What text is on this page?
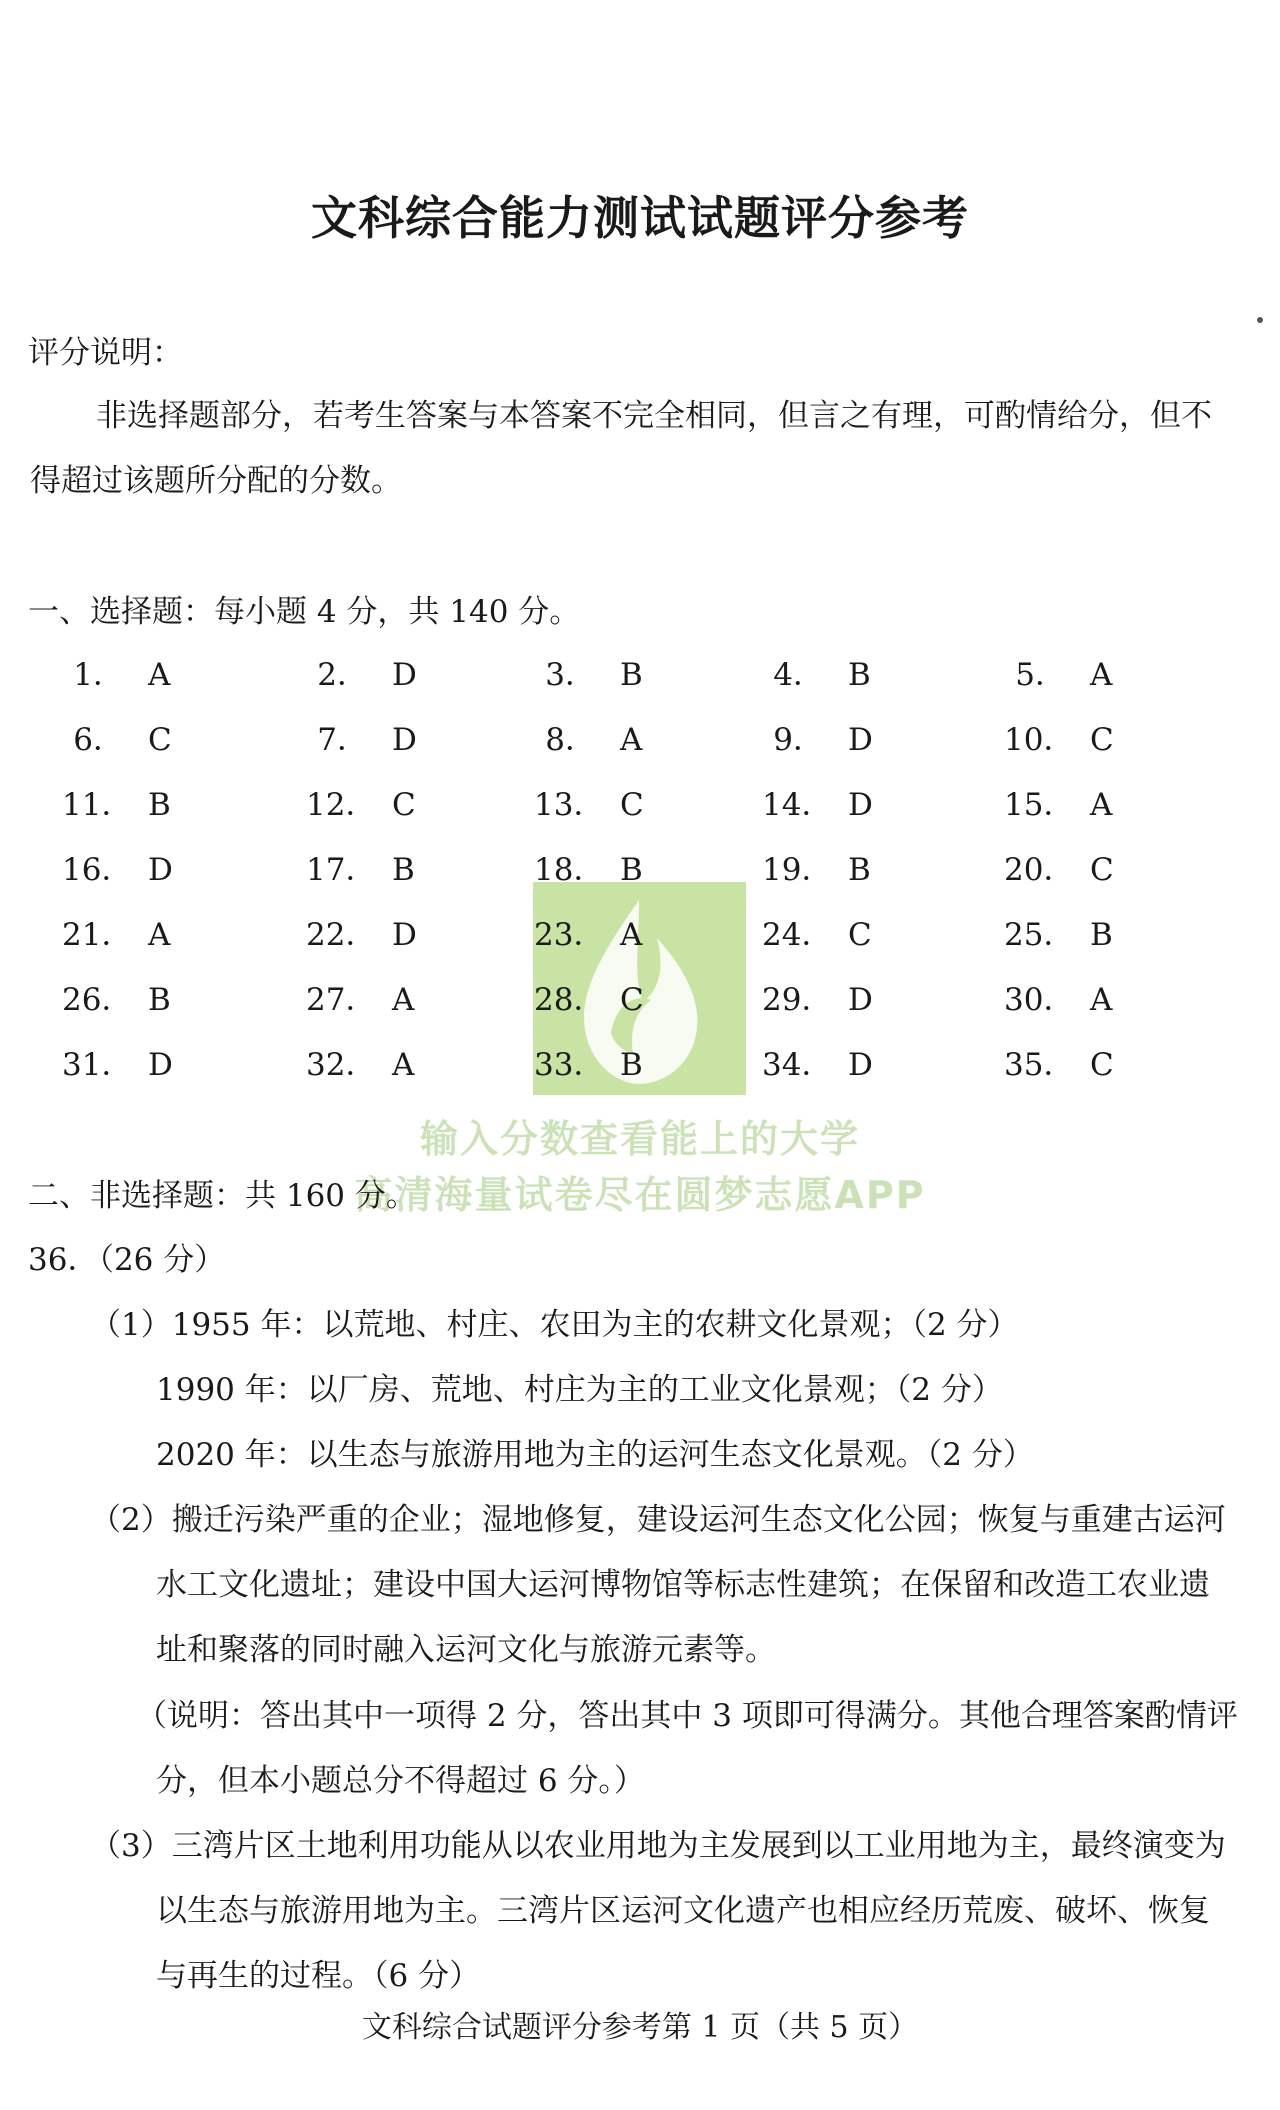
文科综合能力测试试题评分参考
评分说明：
非选择题部分，若考生答案与本答案不完全相同，但言之有理，可酌情给分，但不
得超过该题所分配的分数。
一、选择题：每小题 4 分，共 140 分。
1． A	2． D	3． B	4． B	5． A
6． C	7． D	8． A	9． D	10． C
11． B	12． C	13． C	14． D	15． A
16． D	17． B	18． B	19． B	20． C
21． A	22． D	23． A	24． C	25． B
26． B	27． A	28． C	29． D	30． A
31． D	32． A	33． B	34． D	35． C
输入分数查看能上的大学
高清海量试卷尽在圆梦志愿APP
二、非选择题：共 160 分。
36．（26 分）
（1）1955 年：以荒地、村庄、农田为主的农耕文化景观；（2 分）
1990 年：以厂房、荒地、村庄为主的工业文化景观；（2 分）
2020 年：以生态与旅游用地为主的运河生态文化景观。（2 分）
（2）搬迁污染严重的企业；湿地修复，建设运河生态文化公园；恢复与重建古运河
水工文化遗址；建设中国大运河博物馆等标志性建筑；在保留和改造工农业遗
址和聚落的同时融入运河文化与旅游元素等。
（说明：答出其中一项得 2 分，答出其中 3 项即可得满分。其他合理答案酌情评
分，但本小题总分不得超过 6 分。）
（3）三湾片区土地利用功能从以农业用地为主发展到以工业用地为主，最终演变为
以生态与旅游用地为主。三湾片区运河文化遗产也相应经历荒废、破坏、恢复
与再生的过程。（6 分）
文科综合试题评分参考第 1 页（共 5 页）
